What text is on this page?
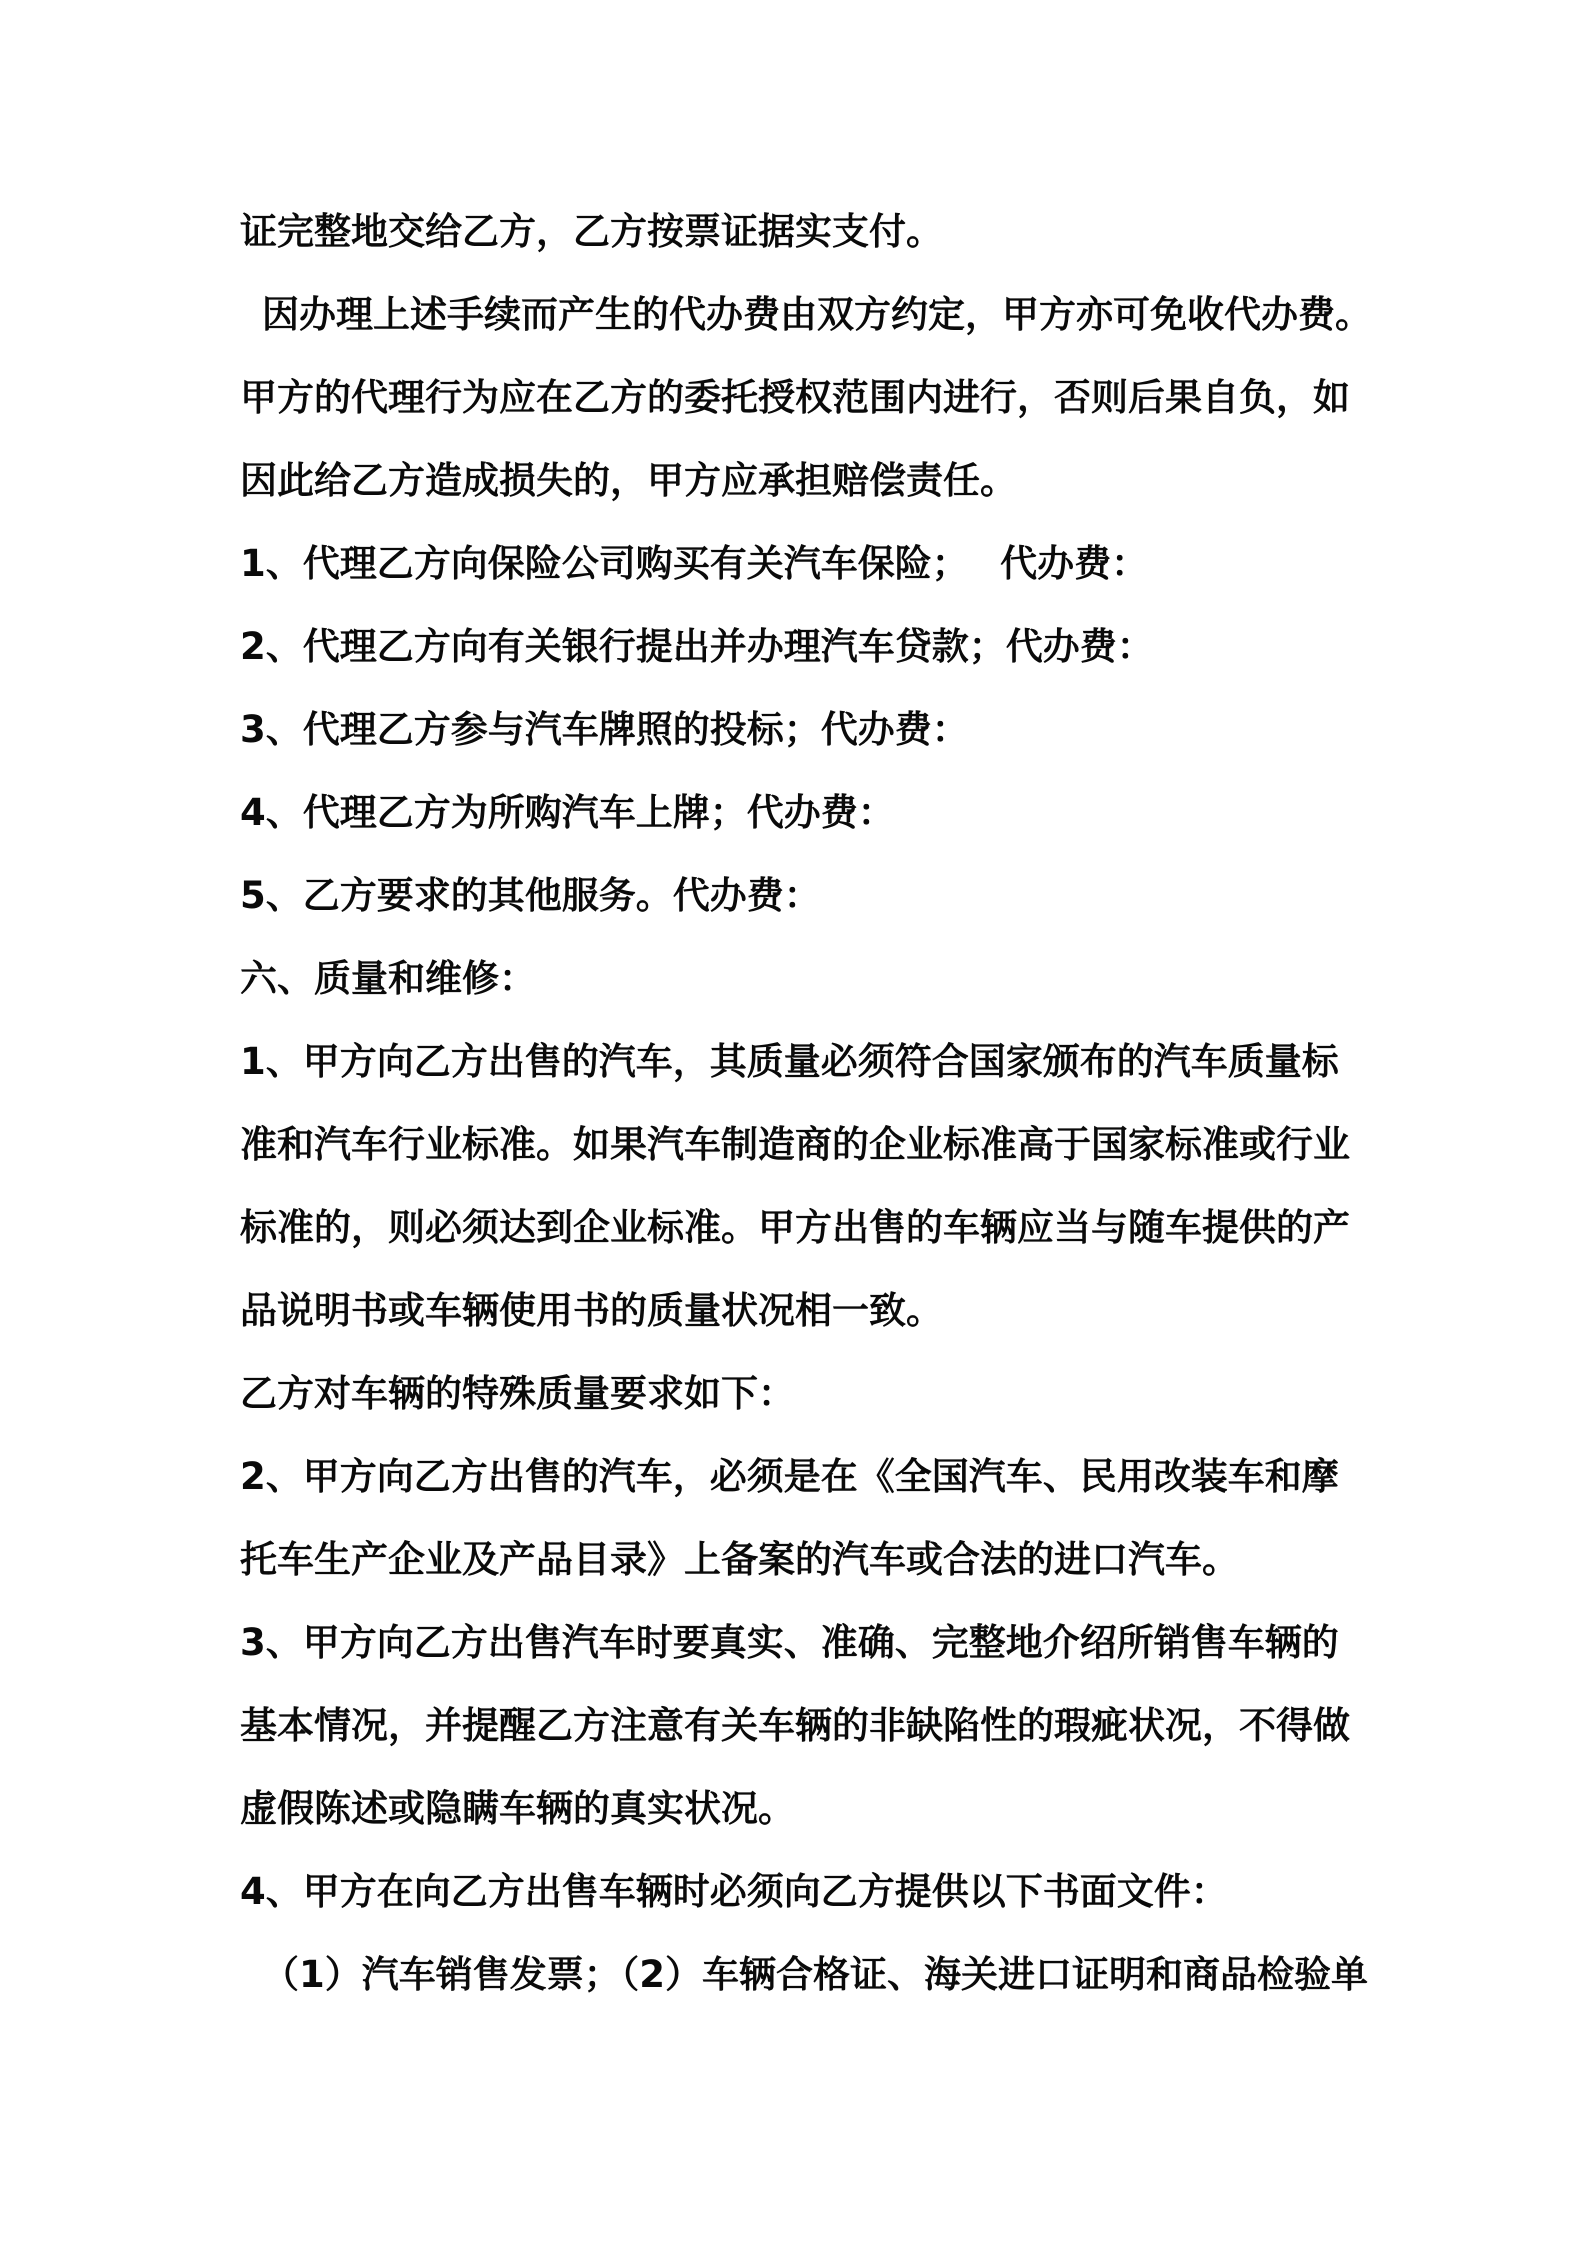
证完整地交给乙方，乙方按票证据实支付。
因办理上述手续而产生的代办费由双方约定，甲方亦可免收代办费。
甲方的代理行为应在乙方的委托授权范围内进行，否则后果自负，如
因此给乙方造成损失的，甲方应承担赔偿责任。
1、代理乙方向保险公司购买有关汽车保险；　 代办费：
2、代理乙方向有关银行提出并办理汽车贷款；代办费：
3、代理乙方参与汽车牌照的投标；代办费：
4、代理乙方为所购汽车上牌；代办费：
5、乙方要求的其他服务。代办费：
六、质量和维修：
1、甲方向乙方出售的汽车，其质量必须符合国家颁布的汽车质量标
准和汽车行业标准。如果汽车制造商的企业标准高于国家标准或行业
标准的，则必须达到企业标准。甲方出售的车辆应当与随车提供的产
品说明书或车辆使用书的质量状况相一致。
乙方对车辆的特殊质量要求如下：
2、甲方向乙方出售的汽车，必须是在《全国汽车、民用改装车和摩
托车生产企业及产品目录》上备案的汽车或合法的进口汽车。
3、甲方向乙方出售汽车时要真实、准确、完整地介绍所销售车辆的
基本情况，并提醒乙方注意有关车辆的非缺陷性的瑕疵状况，不得做
虚假陈述或隐瞒车辆的真实状况。
4、甲方在向乙方出售车辆时必须向乙方提供以下书面文件：
（1）汽车销售发票；（2）车辆合格证、海关进口证明和商品检验单
